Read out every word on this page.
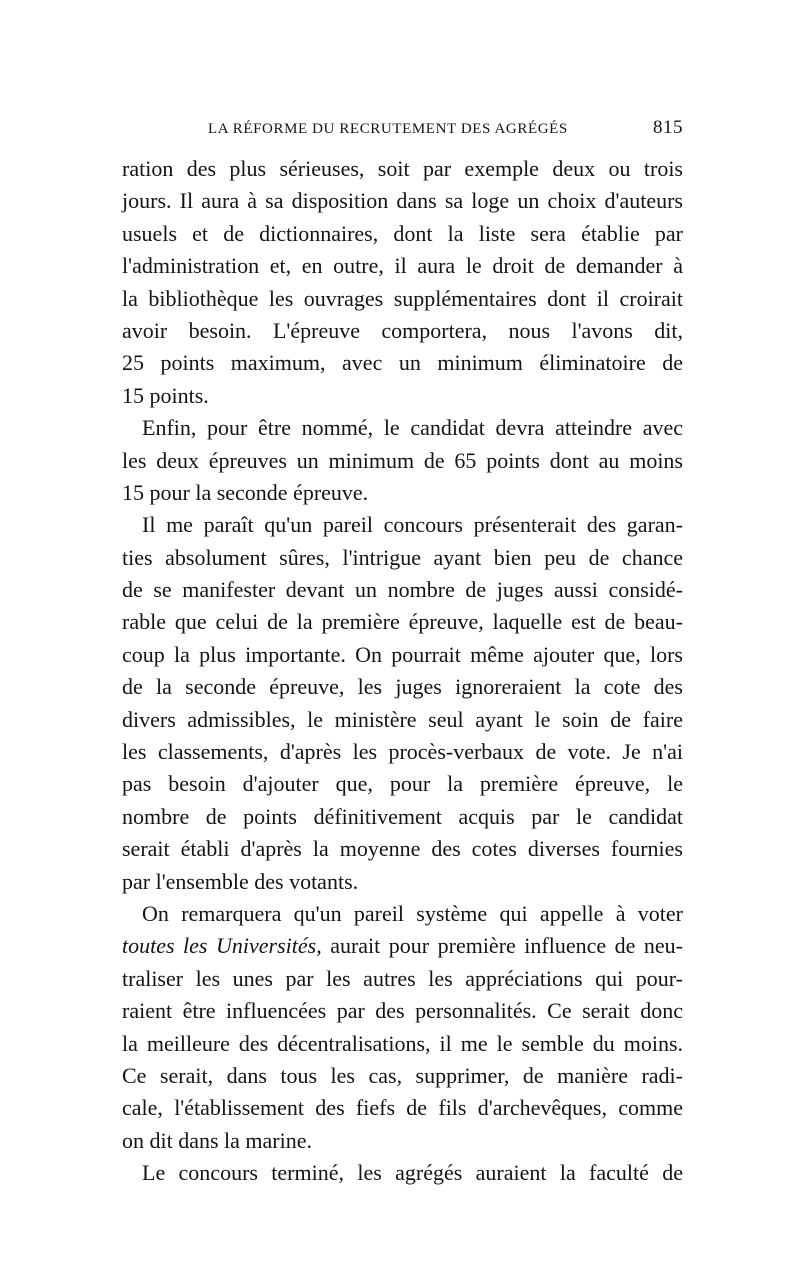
LA RÉFORME DU RECRUTEMENT DES AGRÉGÉS	815
ration des plus sérieuses, soit par exemple deux ou trois
jours. Il aura à sa disposition dans sa loge un choix d'auteurs
usuels et de dictionnaires, dont la liste sera établie par
l'administration et, en outre, il aura le droit de demander à
la bibliothèque les ouvrages supplémentaires dont il croirait
avoir besoin. L'épreuve comportera, nous l'avons dit,
25 points maximum, avec un minimum éliminatoire de
15 points.
Enfin, pour être nommé, le candidat devra atteindre avec
les deux épreuves un minimum de 65 points dont au moins
15 pour la seconde épreuve.
Il me paraît qu'un pareil concours présenterait des garan-
ties absolument sûres, l'intrigue ayant bien peu de chance
de se manifester devant un nombre de juges aussi considé-
rable que celui de la première épreuve, laquelle est de beau-
coup la plus importante. On pourrait même ajouter que, lors
de la seconde épreuve, les juges ignoreraient la cote des
divers admissibles, le ministère seul ayant le soin de faire
les classements, d'après les procès-verbaux de vote. Je n'ai
pas besoin d'ajouter que, pour la première épreuve, le
nombre de points définitivement acquis par le candidat
serait établi d'après la moyenne des cotes diverses fournies
par l'ensemble des votants.
On remarquera qu'un pareil système qui appelle à voter
toutes les Universités, aurait pour première influence de neu-
traliser les unes par les autres les appréciations qui pour-
raient être influencées par des personnalités. Ce serait donc
la meilleure des décentralisations, il me le semble du moins.
Ce serait, dans tous les cas, supprimer, de manière radi-
cale, l'établissement des fiefs de fils d'archevêques, comme
on dit dans la marine.
Le concours terminé, les agrégés auraient la faculté de
